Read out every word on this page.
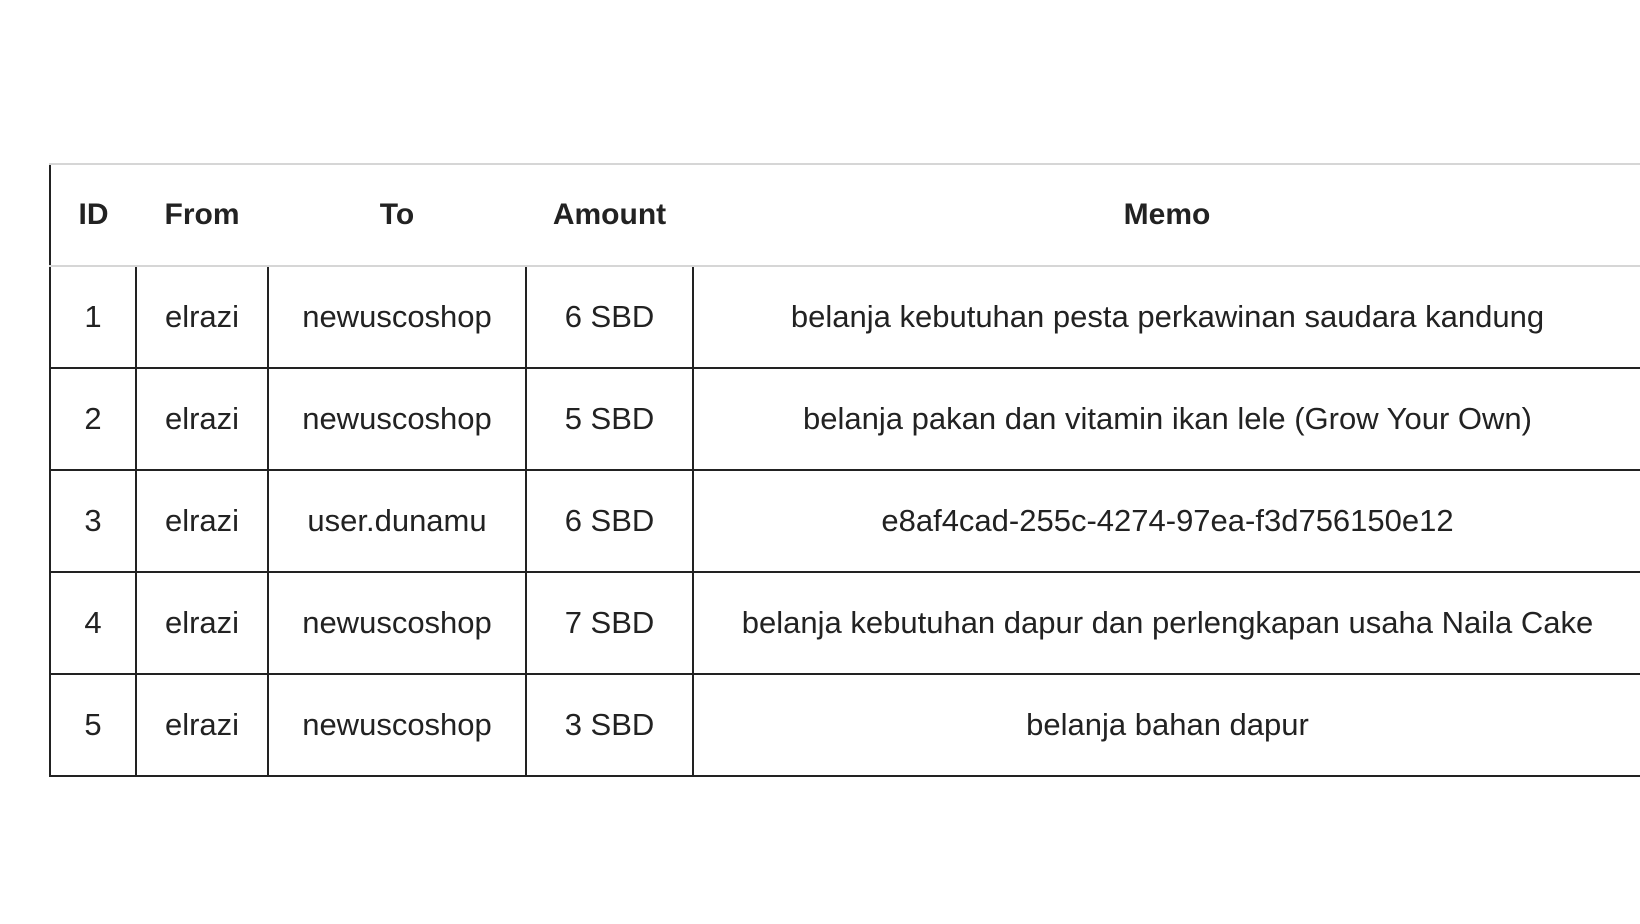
ID	From	To	Amount	Memo
1	elrazi	newuscoshop	6 SBD	belanja kebutuhan pesta perkawinan saudara kandung
2	elrazi	newuscoshop	5 SBD	belanja pakan dan vitamin ikan lele (Grow Your Own)
3	elrazi	user.dunamu	6 SBD	e8af4cad-255c-4274-97ea-f3d756150e12
4	elrazi	newuscoshop	7 SBD	belanja kebutuhan dapur dan perlengkapan usaha Naila Cake
5	elrazi	newuscoshop	3 SBD	belanja bahan dapur
